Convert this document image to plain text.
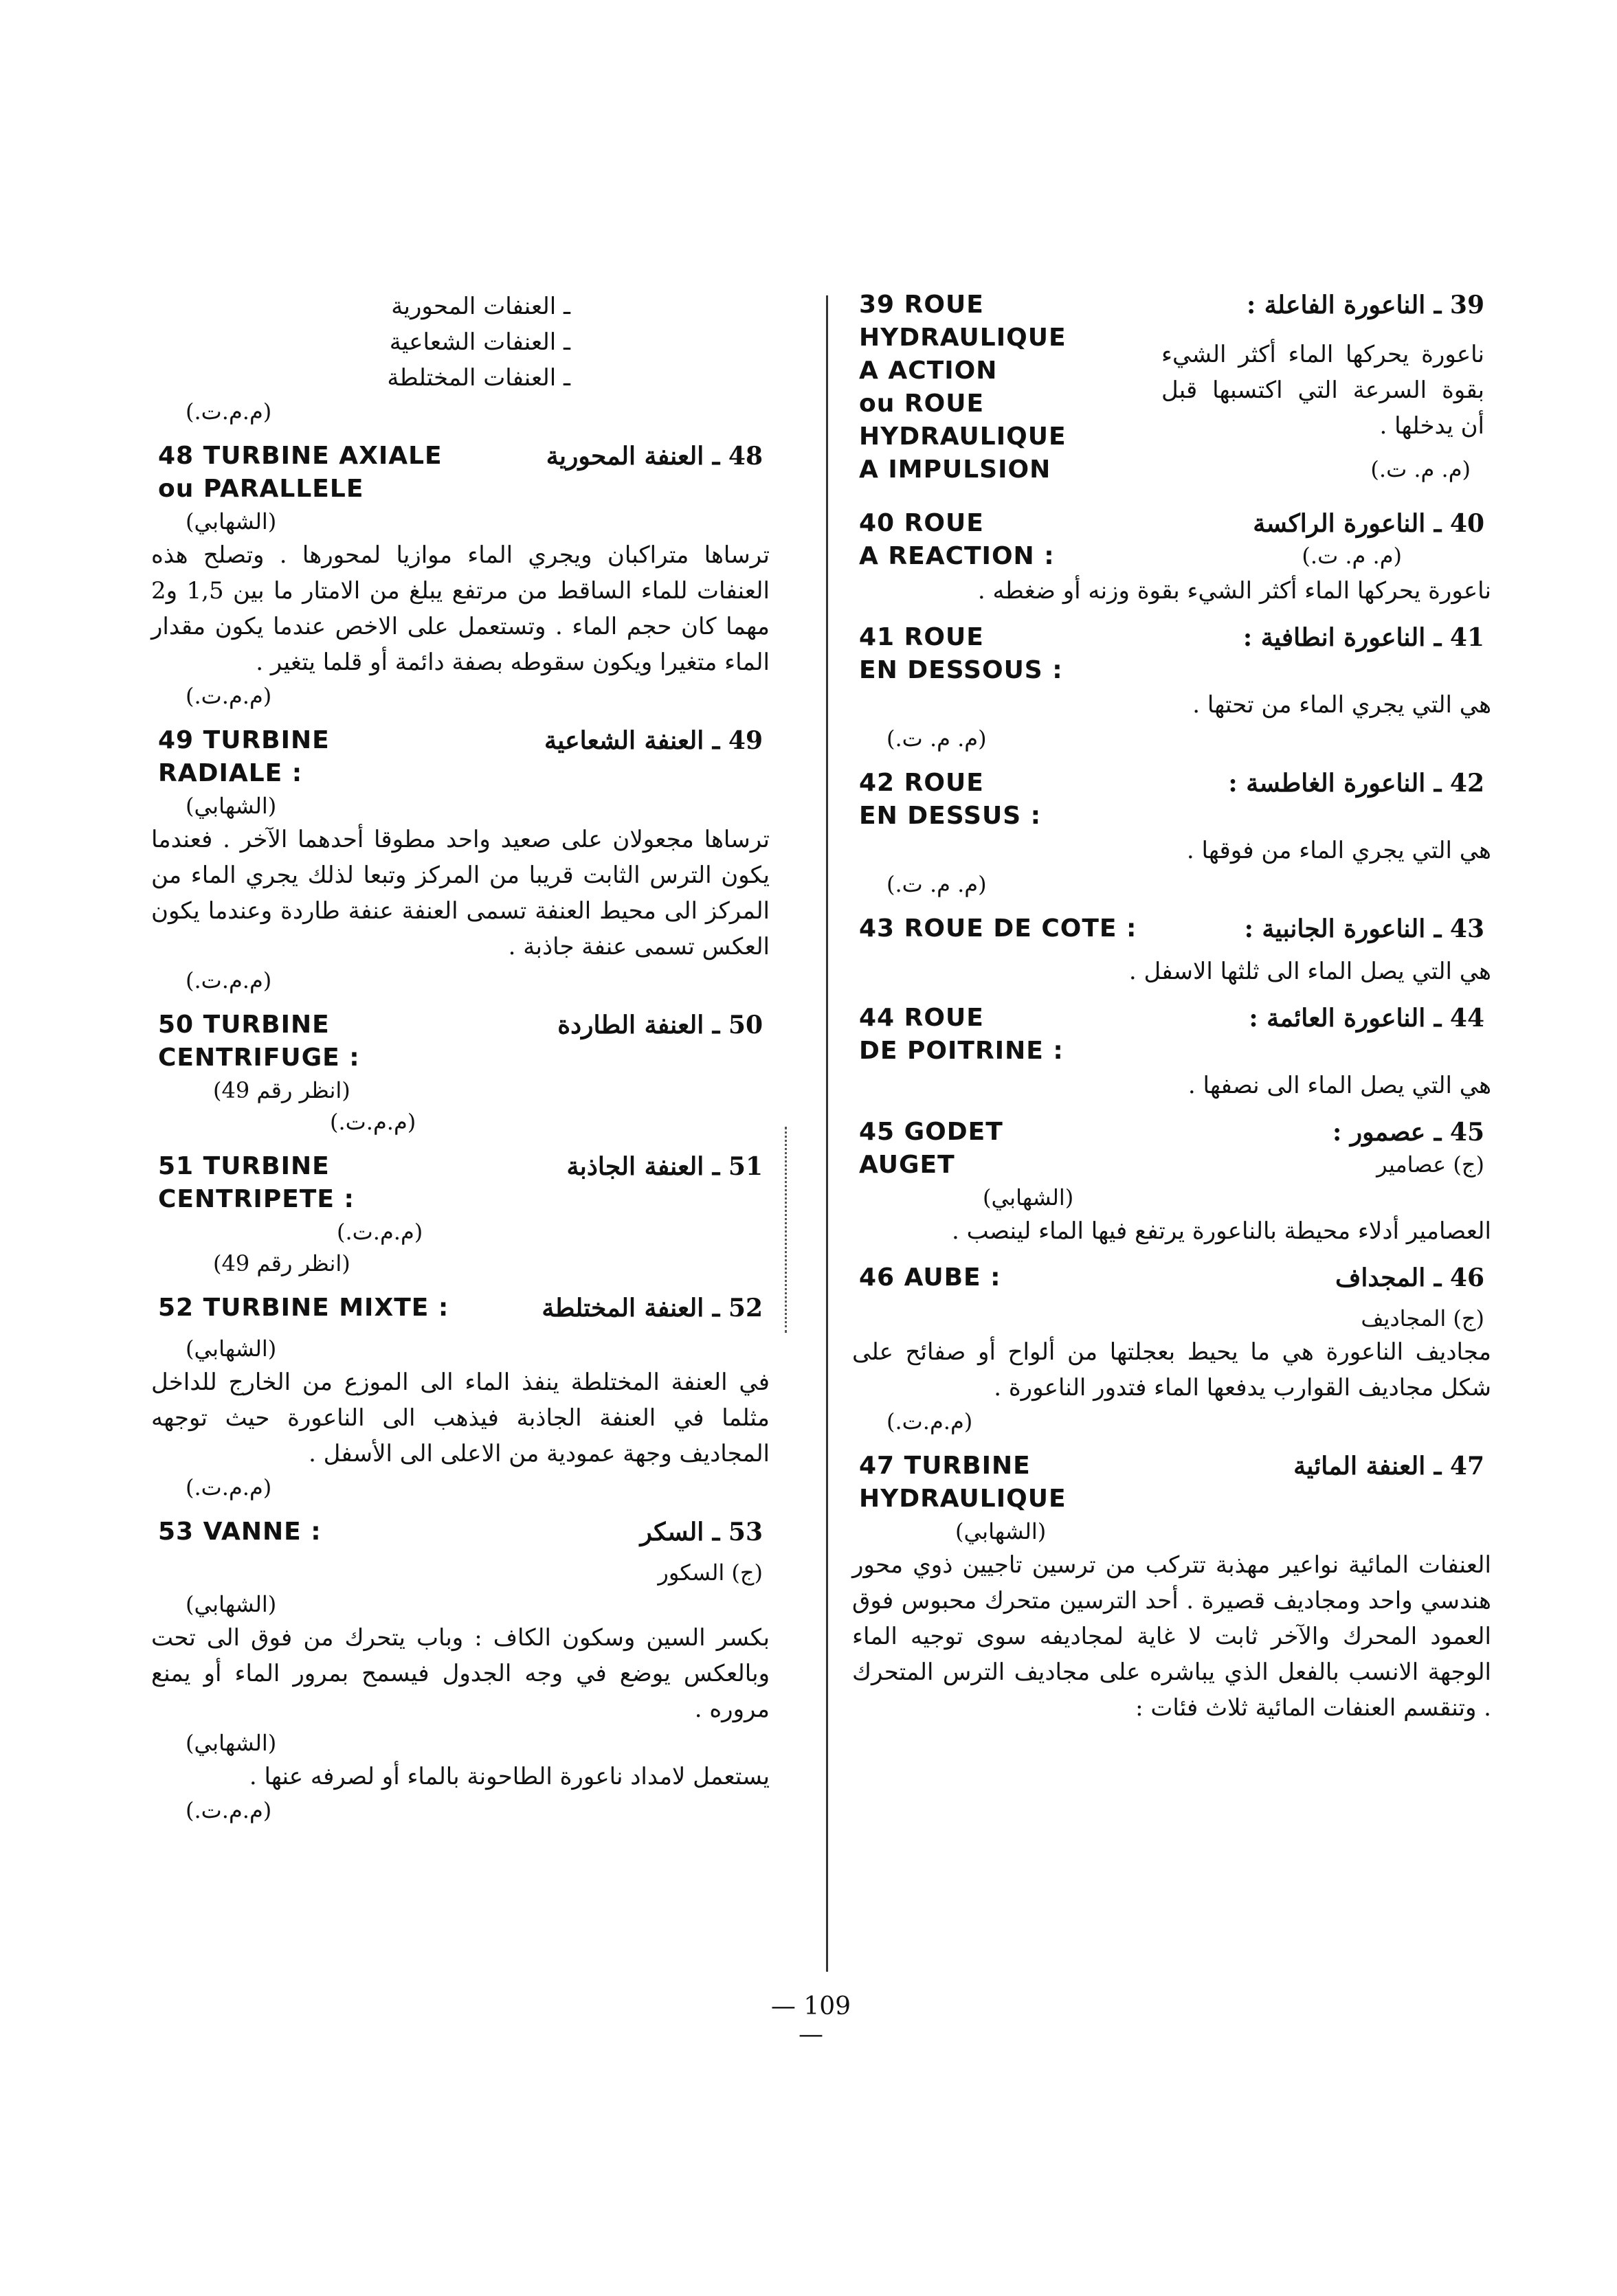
39 ROUE
HYDRAULIQUE
A ACTION
ou ROUE
HYDRAULIQUE
A IMPULSION
39 ـ الناعورة الفاعلة :
ناعورة يحركها الماء أكثر الشيء بقوة السرعة التي اكتسبها قبل أن يدخلها .
(م. م. ت.)
40 ROUE
A REACTION :
40 ـ الناعورة الراكسة
(م. م. ت.)
ناعورة يحركها الماء أكثر الشيء بقوة وزنه أو ضغطه .
41 ROUE
EN DESSOUS :
41 ـ الناعورة انطافية :
هي التي يجري الماء من تحتها .
(م. م. ت.)
42 ROUE
EN DESSUS :
42 ـ الناعورة الغاطسة :
هي التي يجري الماء من فوقها .
(م. م. ت.)
43 ROUE DE COTE :	43 ـ الناعورة الجانبية :
هي التي يصل الماء الى ثلثها الاسفل .
44 ROUE
DE POITRINE :
44 ـ الناعورة العائمة :
هي التي يصل الماء الى نصفها .
45 GODET
AUGET
45 ـ عصمور :
(ج) عصامير
(الشهابي)
العصامير أدلاء محيطة بالناعورة يرتفع فيها الماء لينصب .
46 AUBE :	46 ـ المجداف
(ج) المجاديف
مجاديف الناعورة هي ما يحيط بعجلتها من ألواح أو صفائح على شكل مجاديف القوارب يدفعها الماء فتدور الناعورة .
(م.م.ت.)
47 TURBINE
HYDRAULIQUE
47 ـ العنفة المائية
(الشهابي)
العنفات المائية نواعير مهذبة تتركب من ترسين تاجيين ذوي محور هندسي واحد ومجاديف قصيرة . أحد الترسين متحرك محبوس فوق العمود المحرك والآخر ثابت لا غاية لمجاديفه سوى توجيه الماء الوجهة الانسب بالفعل الذي يباشره على مجاديف الترس المتحرك . وتنقسم العنفات المائية ثلاث فئات :
ـ العنفات المحورية
ـ العنفات الشعاعية
ـ العنفات المختلطة
(م.م.ت.)
48 TURBINE AXIALE
ou PARALLELE
48 ـ العنفة المحورية
(الشهابي)
ترساها متراكبان ويجري الماء موازيا لمحورها . وتصلح هذه العنفات للماء الساقط من مرتفع يبلغ من الامتار ما بين 1,5 و2 مهما كان حجم الماء . وتستعمل على الاخص عندما يكون مقدار الماء متغيرا ويكون سقوطه بصفة دائمة أو قلما يتغير .
(م.م.ت.)
49 TURBINE
RADIALE :
49 ـ العنفة الشعاعية
(الشهابي)
ترساها مجعولان على صعيد واحد مطوقا أحدهما الآخر . فعندما يكون الترس الثابت قريبا من المركز وتبعا لذلك يجري الماء من المركز الى محيط العنفة تسمى العنفة عنفة طاردة وعندما يكون العكس تسمى عنفة جاذبة .
(م.م.ت.)
50 TURBINE
CENTRIFUGE :
50 ـ العنفة الطاردة
(انظر رقم 49)
(م.م.ت.)
51 TURBINE
CENTRIPETE :
51 ـ العنفة الجاذبة
(م.م.ت.)
(انظر رقم 49)
52 TURBINE MIXTE :	52 ـ العنفة المختلطة
(الشهابي)
في العنفة المختلطة ينفذ الماء الى الموزع من الخارج للداخل مثلما في العنفة الجاذبة فيذهب الى الناعورة حيث توجهه المجاديف وجهة عمودية من الاعلى الى الأسفل .
(م.م.ت.)
53 VANNE :	53 ـ السكر
(ج) السكور
(الشهابي)
بكسر السين وسكون الكاف : وباب يتحرك من فوق الى تحت وبالعكس يوضع في وجه الجدول فيسمح بمرور الماء أو يمنع مروره .
(الشهابي)
يستعمل لامداد ناعورة الطاحونة بالماء أو لصرفه عنها .
(م.م.ت.)
— 109 —
